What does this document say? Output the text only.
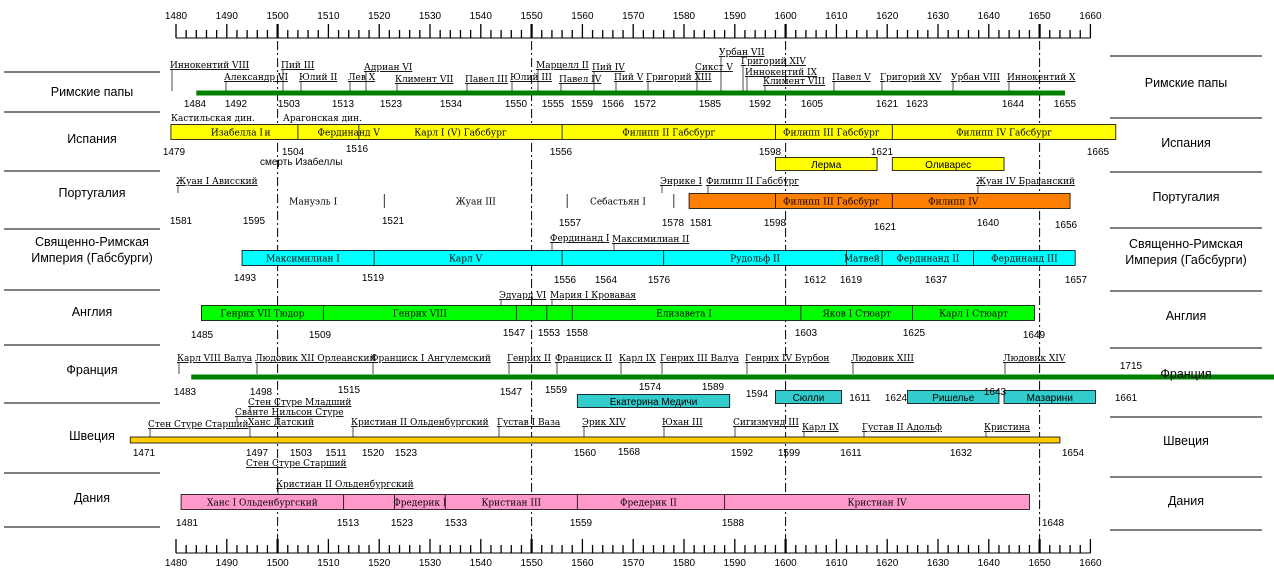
1480	1490	1500	1510	1520	1530	1540	1550	1560	1570	1580	1590	1600	1610	1620	1630	1640	1650	1660
1480	1490	1500	1510	1520	1530	1540	1550	1560	1570	1580	1590	1600	1610	1620	1630	1640	1650	1660
Римские папы
Римские папы
Испания	Испания
Португалия	Португалия
Священно-Римская
Империя (Габсбурги)
Священно-Римская
Империя (Габсбурги)
Англия	Англия
Франция	Франция
Швеция	Швеция
Дания	Дания
Лерма	Оливарес
Екатерина Медичи	Сюлли	Ришелье	Мазарини
Изабелла I и	Фердинанд V	Карл I (V) Габсбург	Филипп II Габсбург	Филипп III Габсбург	Филипп IV Габсбург
Мануэль I	Жуан III	Себастьян I	Филипп III Габсбург	Филипп IV
Максимилиан I	Карл V	Рудольф II	Матвей Фердинанд II	Фердинанд III
Генрих VII Тюдор	Генрих VIII	Елизавета I	Яков I Стюарт	Карл I Стюарт
Ханс I Ольденбургский	Фредерик I	Кристиан III	Фредерик II	Кристиан IV
Иннокентий VIII
Александр VI
Пий III
Юлий II Лев X
Адриан VI
Климент VII Павел III Юлий III
Марцелл II
Павел IV
Пий IV
Пий V Григорий XIII
Сикст V
Урбан VII
Григорий XIV
Иннокентий IX
Климент VIII Павел V Григорий XV Урбан VIII Иннокентий X
1484 1492	1503	1513	1523	1534	1550 1555 1559 1566 1572	1585	1592	1605	1621 1623	1644	1655
Кастильская дин.	Арагонская дин.
смерть Изабеллы
1479	1504	1516	1556	1598	1621	1665
Жуан I Ависский	Энрике I Филипп II Габсбург	Жуан IV Браганский
1581	1595	1521	1557	1578 1581	1598	1621	1640	1656
Фердинанд I Максимилиан II
1493	1519	1556 1564	1576	1612 1619	1637	1657
Эдуард VI Мария I Кровавая
1485	1509	1547 1553 1558	1603	1625	1649
Карл VIII Валуа Людовик XII Орлеанский
Франциск I Ангулемский Генрих II Франциск II Карл IX Генрих III Валуа Генрих IV Бурбон Людовик XIII	Людовик XIV
1483	1498	1515	1547 1559	1574	1589
1594	1611 1624
1643
1661
1715
Стен Стуре Старший
Сванте Нильсон Стуре
Стен Стуре Младший
Ханс Датский	Кристиан II Ольденбургский Густав I Ваза Эрик XIV	Юхан III	Сигизмунд III Карл IX	Густав II Адольф	Кристина
Стен Стуре Старший
1471	1497 1503 1511 1520 1523	1560 1568	1592 1599	1611	1632	1654
Кристиан II Ольденбургский
1481	1513	1523	1533	1559	1588	1648
